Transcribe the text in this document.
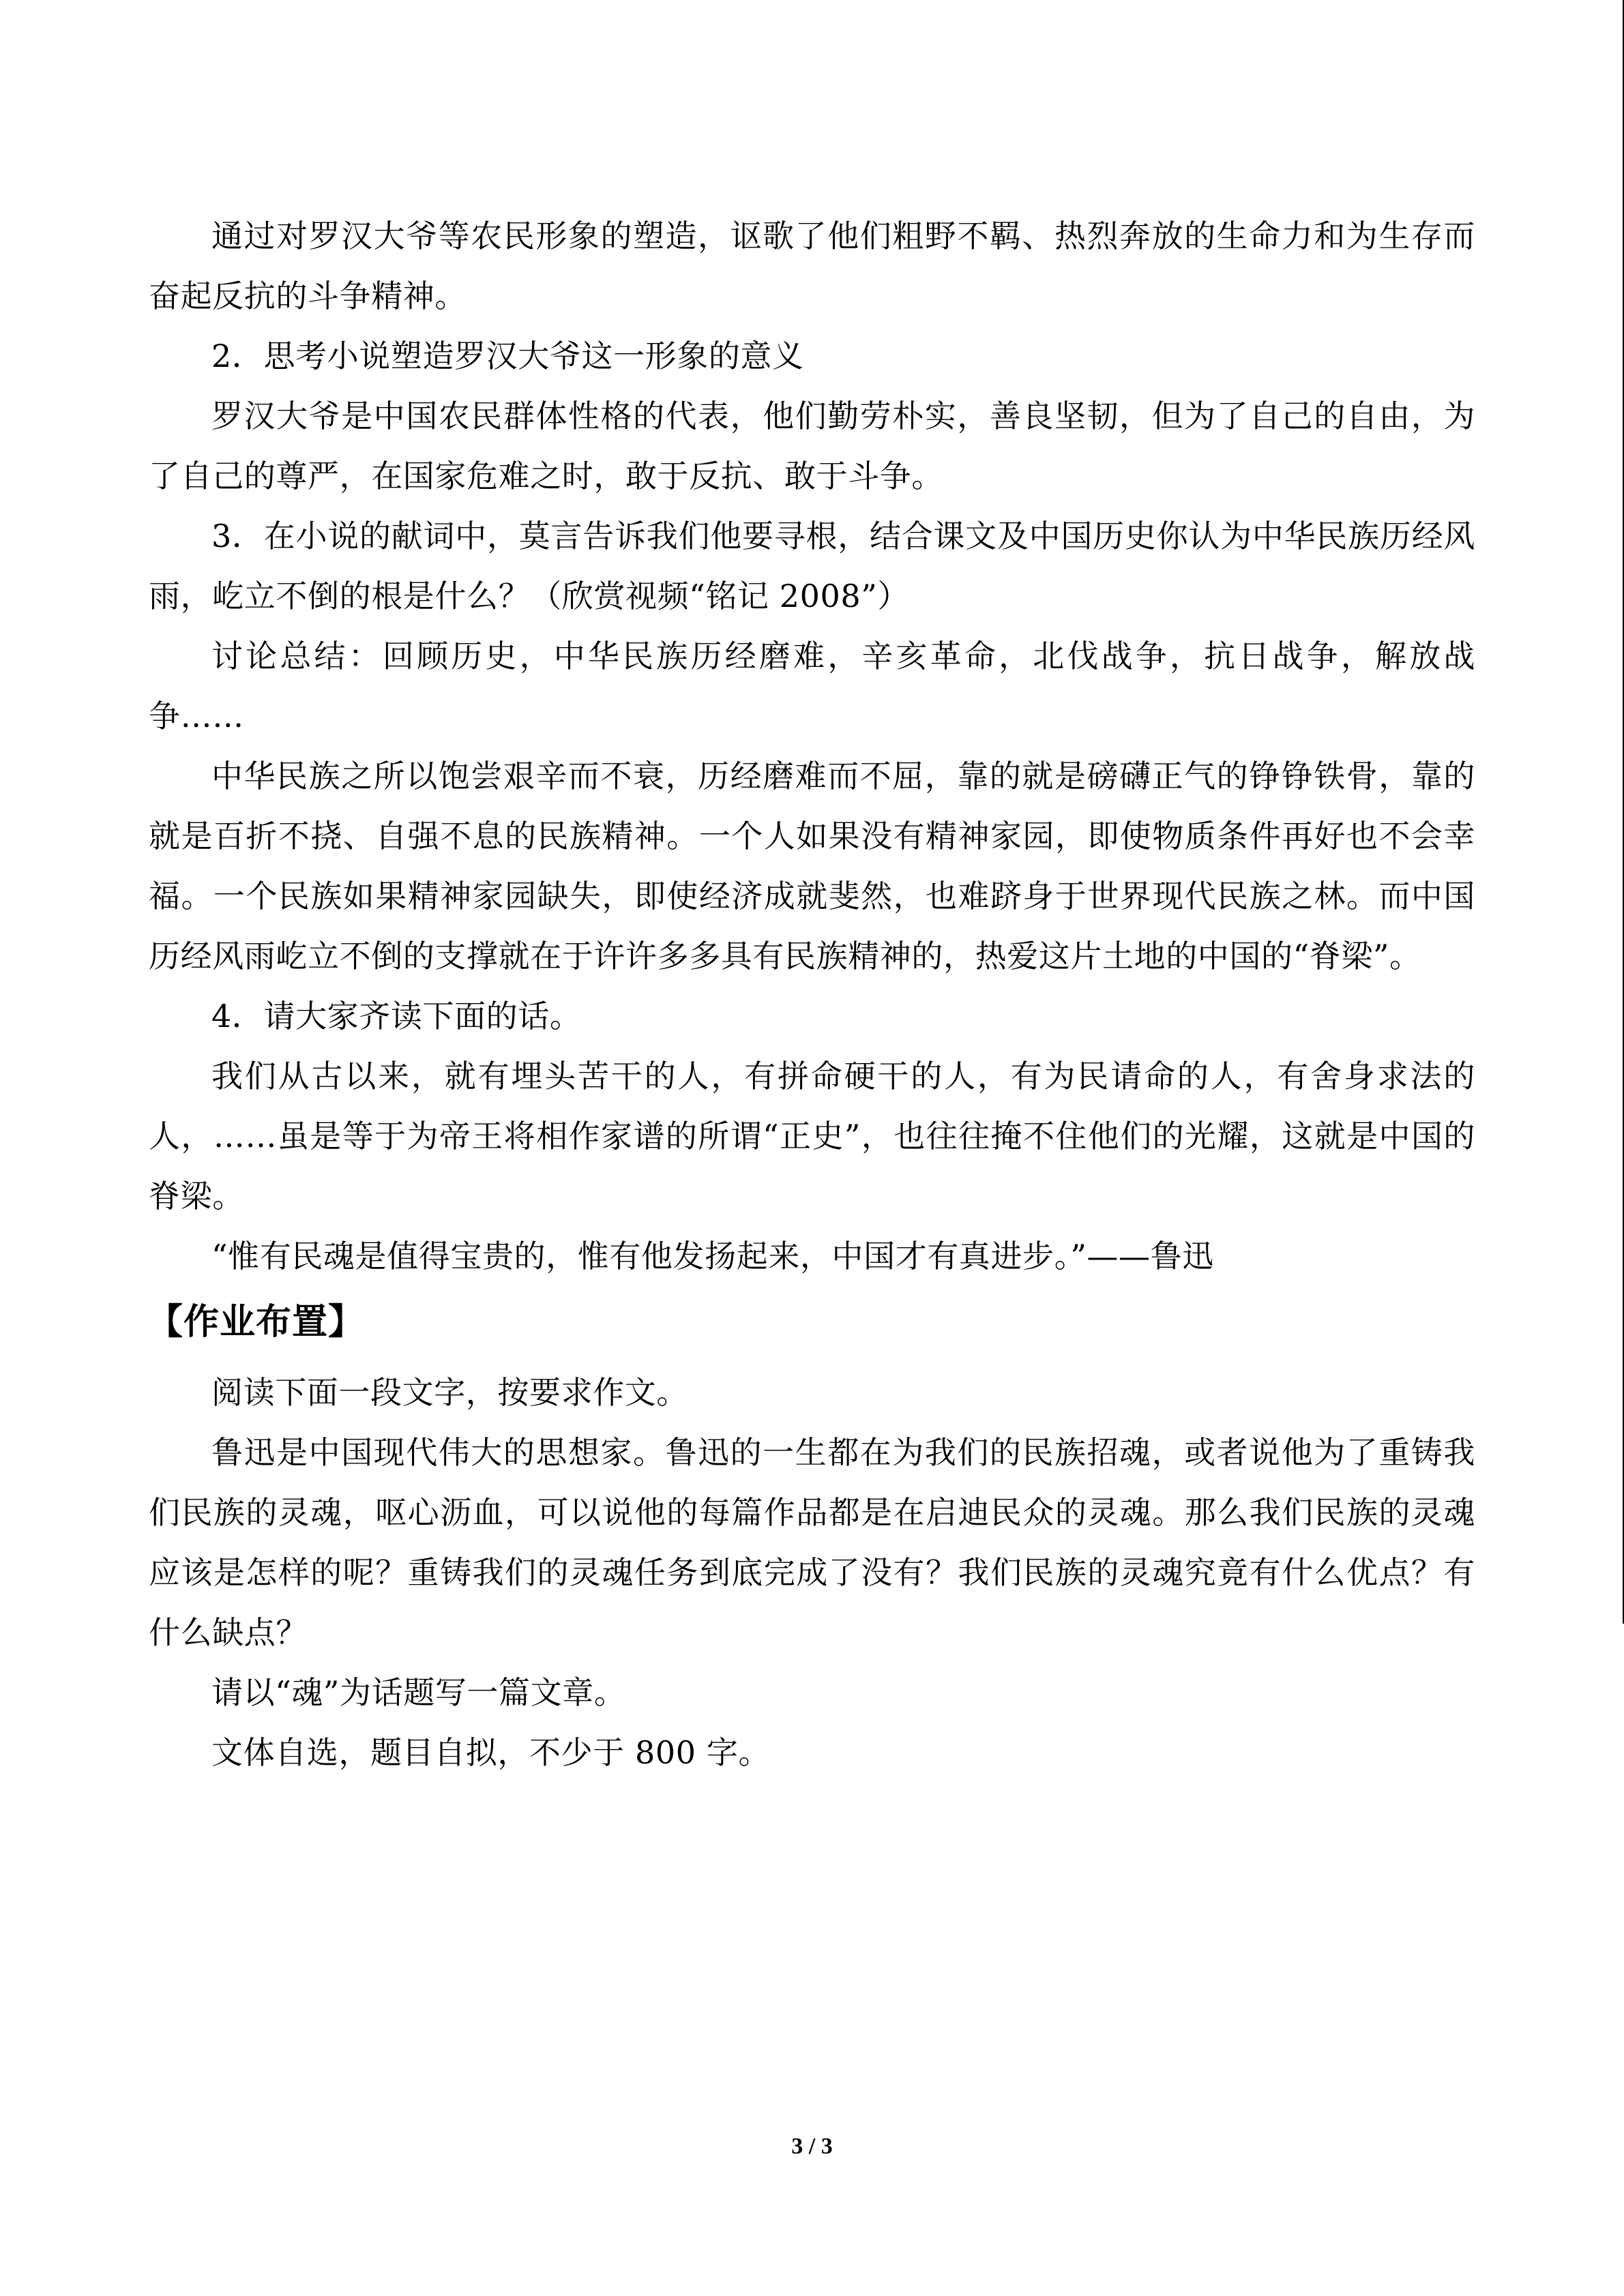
通过对罗汉大爷等农民形象的塑造，讴歌了他们粗野不羁、热烈奔放的生命力和为生存而奋起反抗的斗争精神。

2．思考小说塑造罗汉大爷这一形象的意义

罗汉大爷是中国农民群体性格的代表，他们勤劳朴实，善良坚韧，但为了自己的自由，为了自己的尊严，在国家危难之时，敢于反抗、敢于斗争。

3．在小说的献词中，莫言告诉我们他要寻根，结合课文及中国历史你认为中华民族历经风雨，屹立不倒的根是什么？（欣赏视频“铭记 2008”）

讨论总结：回顾历史，中华民族历经磨难，辛亥革命，北伐战争，抗日战争，解放战争……

中华民族之所以饱尝艰辛而不衰，历经磨难而不屈，靠的就是磅礴正气的铮铮铁骨，靠的就是百折不挠、自强不息的民族精神。一个人如果没有精神家园，即使物质条件再好也不会幸福。一个民族如果精神家园缺失，即使经济成就斐然，也难跻身于世界现代民族之林。而中国历经风雨屹立不倒的支撑就在于许许多多具有民族精神的，热爱这片土地的中国的“脊梁”。

4．请大家齐读下面的话。

我们从古以来，就有埋头苦干的人，有拼命硬干的人，有为民请命的人，有舍身求法的人，……虽是等于为帝王将相作家谱的所谓“正史”，也往往掩不住他们的光耀，这就是中国的脊梁。

“惟有民魂是值得宝贵的，惟有他发扬起来，中国才有真进步。”——鲁迅

【作业布置】

阅读下面一段文字，按要求作文。

鲁迅是中国现代伟大的思想家。鲁迅的一生都在为我们的民族招魂，或者说他为了重铸我们民族的灵魂，呕心沥血，可以说他的每篇作品都是在启迪民众的灵魂。那么我们民族的灵魂应该是怎样的呢？重铸我们的灵魂任务到底完成了没有？我们民族的灵魂究竟有什么优点？有什么缺点？

请以“魂”为话题写一篇文章。

文体自选，题目自拟，不少于 800 字。

3 / 3
